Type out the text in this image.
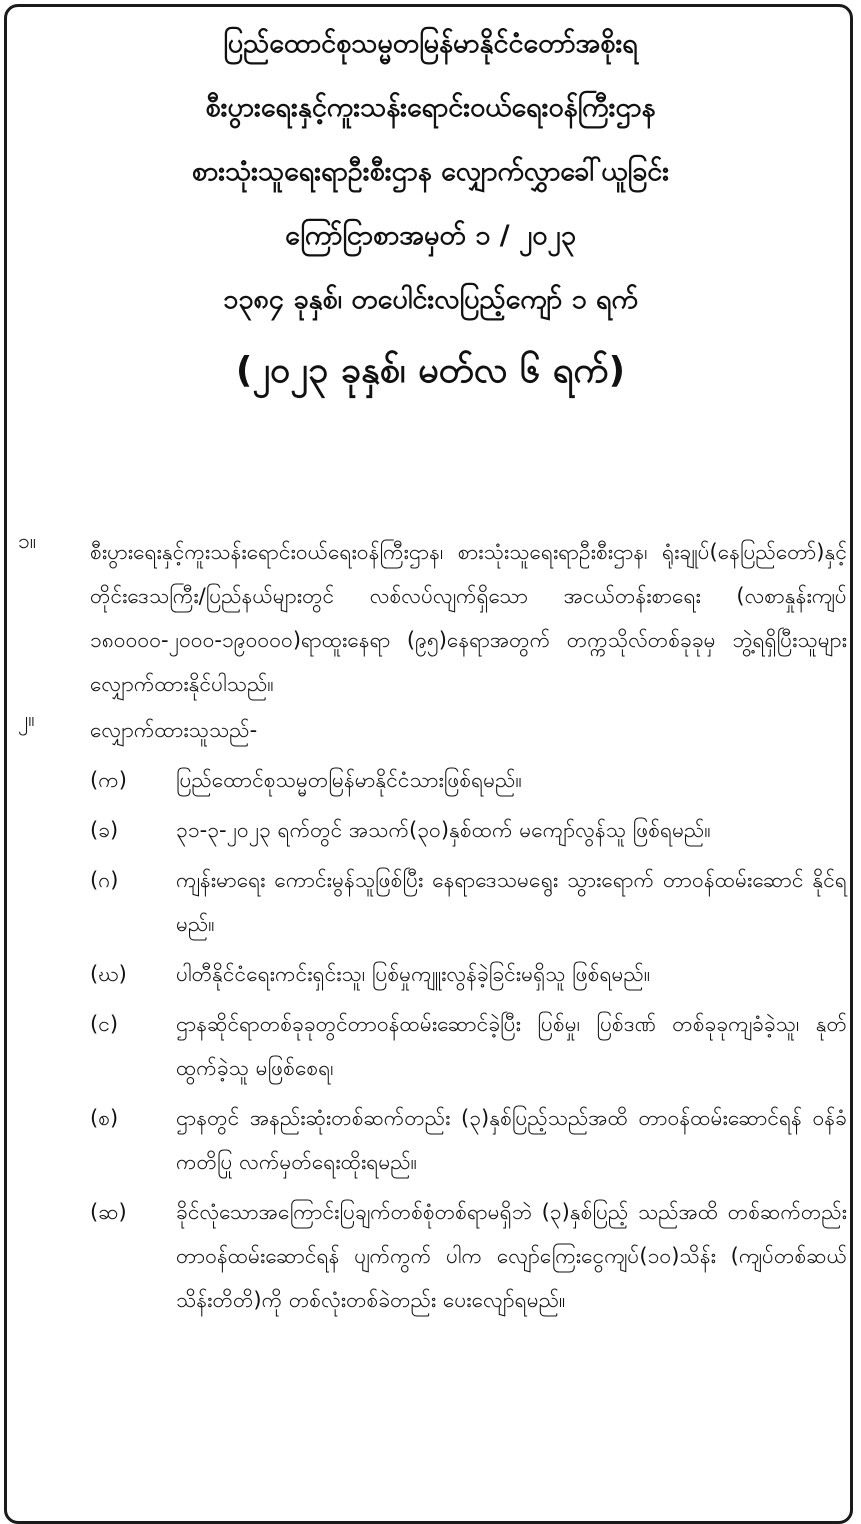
ပြည်ထောင်စုသမ္မတမြန်မာနိုင်ငံတော်အစိုးရ
စီးပွားရေးနှင့်ကူးသန်းရောင်းဝယ်ရေးဝန်ကြီးဌာန
စားသုံးသူရေးရာဦးစီးဌာန လျှောက်လွှာခေါ်ယူခြင်း
ကြော်ငြာစာအမှတ် ၁ / ၂၀၂၃
၁၃၈၄ ခုနှစ်၊ တပေါင်းလပြည့်ကျော် ၁ ရက်
(၂၀၂၃ ခုနှစ်၊ မတ်လ ၆ ရက်)
၁။	စီးပွားရေးနှင့်ကူးသန်းရောင်းဝယ်ရေးဝန်ကြီးဌာန၊ စားသုံးသူရေးရာဦးစီးဌာန၊ ရုံးချုပ်(နေပြည်တော်)နှင့် တိုင်းဒေသကြီး/ပြည်နယ်များတွင် လစ်လပ်လျက်ရှိသော အငယ်တန်းစာရေး (လစာနှုန်းကျပ် ၁၈၀၀၀၀-၂၀၀၀-၁၉၀၀၀၀)ရာထူးနေရာ (၉၅)နေရာအတွက် တက္ကသိုလ်တစ်ခုခုမှ ဘွဲ့ရရှိပြီးသူများ လျှောက်ထားနိုင်ပါသည်။
၂။	လျှောက်ထားသူသည်-
(က)	ပြည်ထောင်စုသမ္မတမြန်မာနိုင်ငံသားဖြစ်ရမည်။
(ခ)	၃၁-၃-၂၀၂၃ ရက်တွင် အသက်(၃၀)နှစ်ထက် မကျော်လွန်သူ ဖြစ်ရမည်။
(ဂ)	ကျန်းမာရေး ကောင်းမွန်သူဖြစ်ပြီး နေရာဒေသမရွေး သွားရောက် တာဝန်ထမ်းဆောင် နိုင်ရမည်။
(ဃ)	ပါတီနိုင်ငံရေးကင်းရှင်းသူ၊ ပြစ်မှုကျူးလွန်ခဲ့ခြင်းမရှိသူ ဖြစ်ရမည်။
(င)	ဌာနဆိုင်ရာတစ်ခုခုတွင်တာဝန်ထမ်းဆောင်ခဲ့ပြီး ပြစ်မှု၊ ပြစ်ဒဏ် တစ်ခုခုကျခံခဲ့သူ၊ နုတ်ထွက်ခဲ့သူ မဖြစ်စေရ၊
(စ)	ဌာနတွင် အနည်းဆုံးတစ်ဆက်တည်း (၃)နှစ်ပြည့်သည်အထိ တာဝန်ထမ်းဆောင်ရန် ဝန်ခံကတိပြု လက်မှတ်ရေးထိုးရမည်။
(ဆ)	ခိုင်လုံသောအကြောင်းပြချက်တစ်စုံတစ်ရာမရှိဘဲ (၃)နှစ်ပြည့် သည်အထိ တစ်ဆက်တည်း တာဝန်ထမ်းဆောင်ရန် ပျက်ကွက် ပါက လျော်ကြေးငွေကျပ်(၁၀)သိန်း (ကျပ်တစ်ဆယ်သိန်းတိတိ)ကို တစ်လုံးတစ်ခဲတည်း ပေးလျော်ရမည်။
